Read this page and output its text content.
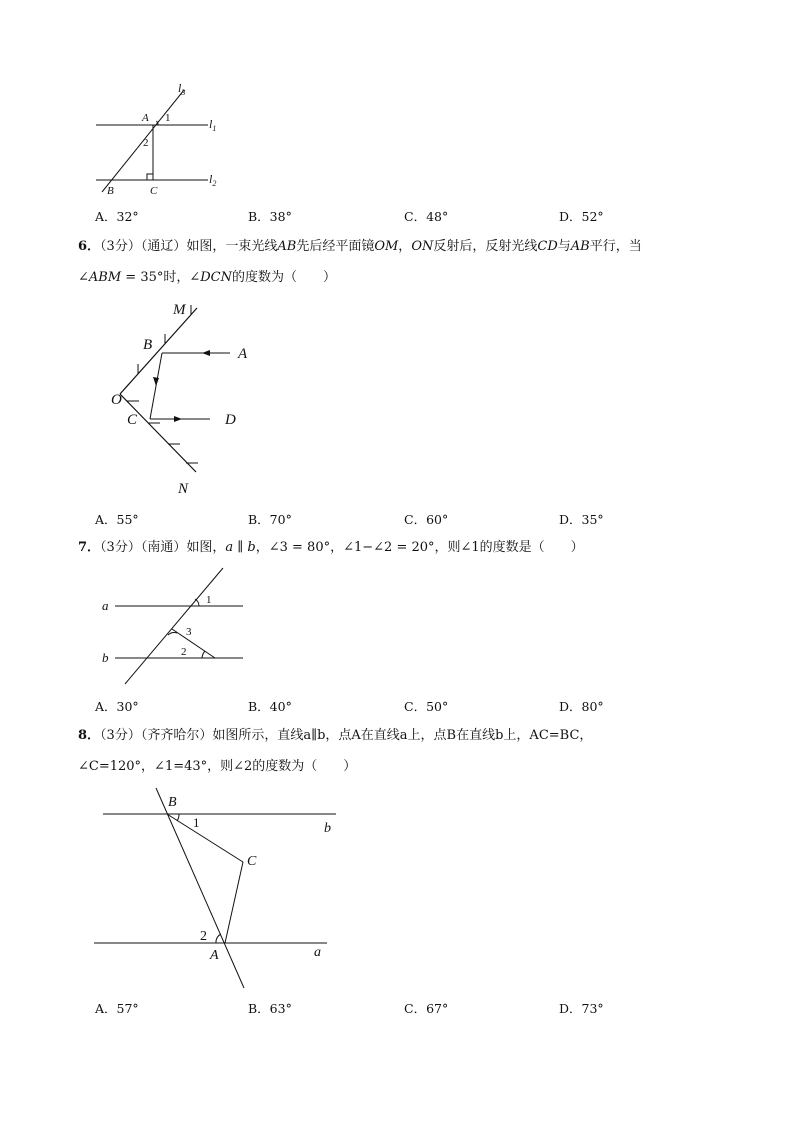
$l_3$
$l_1$
$l_2$
A 1
2
B	C
A．32°	B．38°	C．48°	D．52°
6．（3分）（通辽）如图，一束光线AB先后经平面镜OM，ON反射后，反射光线CD与AB平行，当
∠ABM = 35°时，∠DCN的度数为（　　）
M
B
A
O
C	D
N
A．55°	B．70°	C．60°	D．35°
7．（3分）（南通）如图，a ∥ b，∠3 = 80°，∠1−∠2 = 20°，则∠1的度数是（　　）
a
b
1
3
2
A．30°	B．40°	C．50°	D．80°
8．（3分）（齐齐哈尔）如图所示，直线a∥b，点A在直线a上，点B在直线b上，AC=BC，
∠C=120°，∠1=43°，则∠2的度数为（　　）
B
1	b
C
2
A	a
A．57°	B．63°	C．67°	D．73°
